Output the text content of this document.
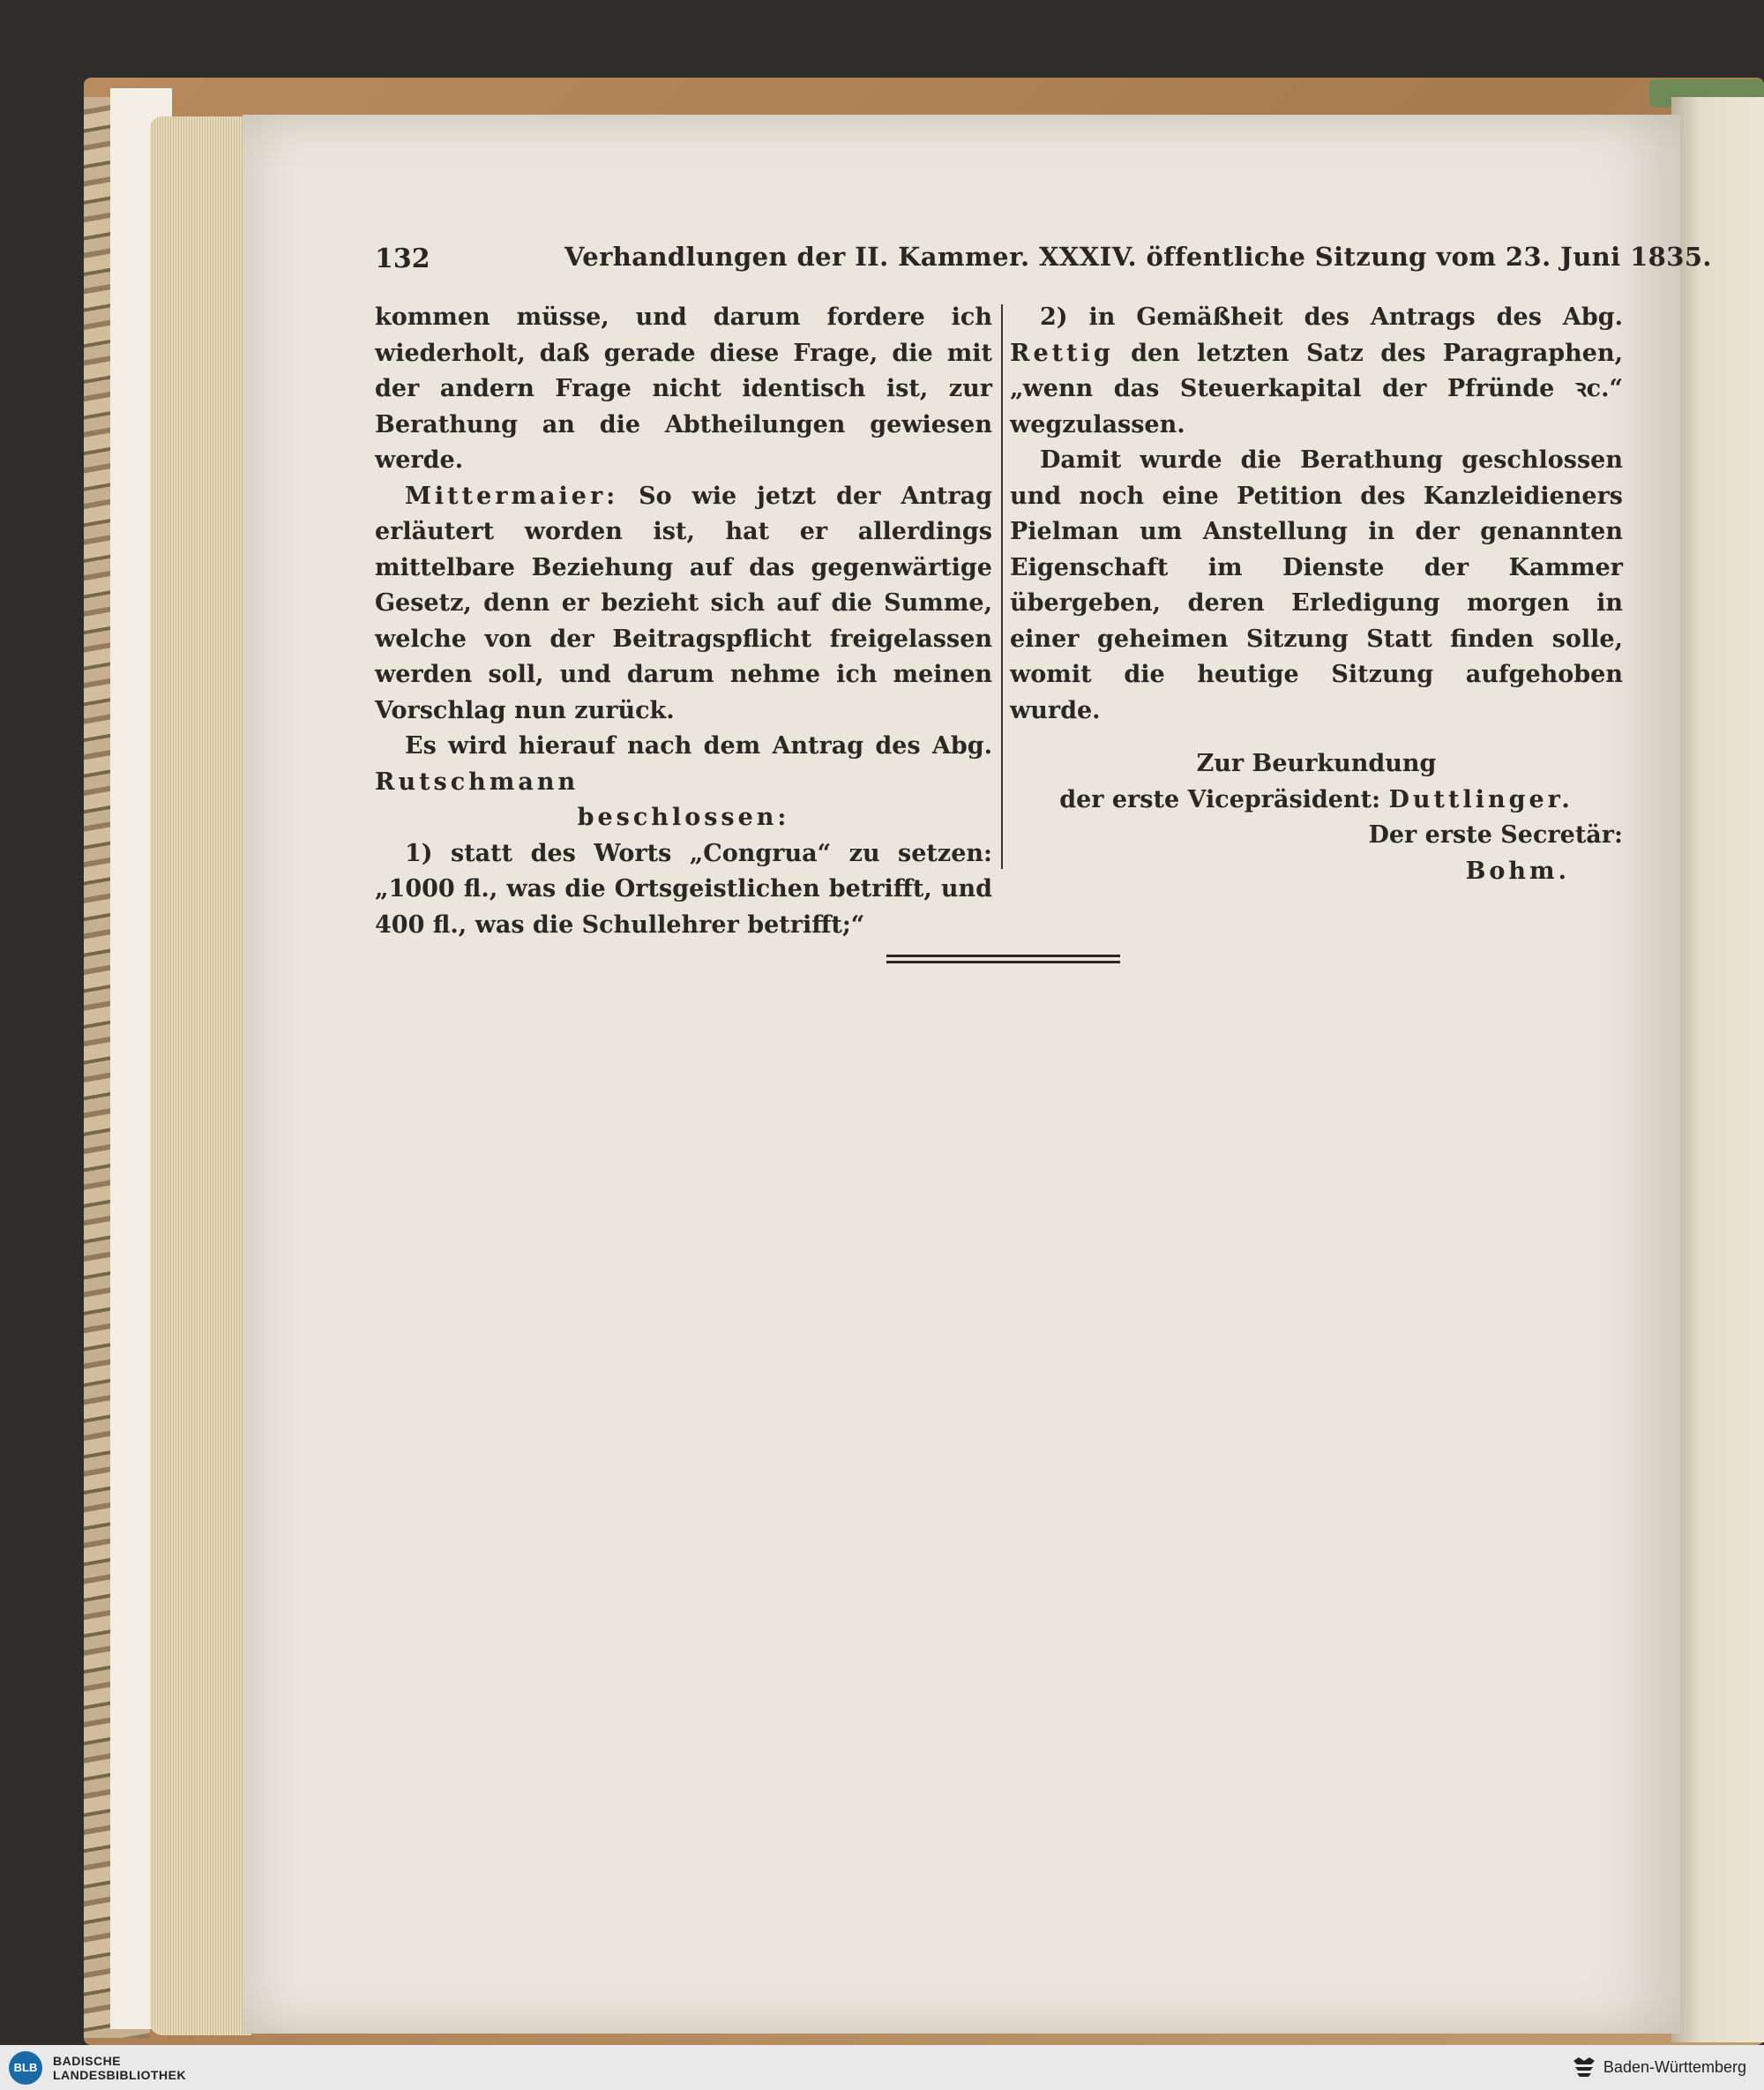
132	Verhandlungen der II. Kammer. XXXIV. öffentliche Sitzung vom 23. Juni 1835.

kommen müsse, und darum fordere ich wiederholt, daß gerade diese Frage, die mit der andern Frage nicht identisch ist, zur Berathung an die Abtheilungen gewiesen werde.

Mittermaier: So wie jetzt der Antrag erläutert worden ist, hat er allerdings mittelbare Beziehung auf das gegenwärtige Gesetz, denn er bezieht sich auf die Summe, welche von der Beitragspflicht freigelassen werden soll, und darum nehme ich meinen Vorschlag nun zurück.

Es wird hierauf nach dem Antrag des Abg. Rutschmann

beschlossen:

1) statt des Worts „Congrua“ zu setzen: „1000 fl., was die Ortsgeistlichen betrifft, und 400 fl., was die Schullehrer betrifft;“

2) in Gemäßheit des Antrags des Abg. Rettig den letzten Satz des Paragraphen, „wenn das Steuerkapital der Pfründe ꝛc.“ wegzulassen.

Damit wurde die Berathung geschlossen und noch eine Petition des Kanzleidieners Pielman um Anstellung in der genannten Eigenschaft im Dienste der Kammer übergeben, deren Erledigung morgen in einer geheimen Sitzung Statt finden solle, womit die heutige Sitzung aufgehoben wurde.

Zur Beurkundung

der erste Vicepräsident: Duttlinger.

Der erste Secretär:

Bohm.

BLB	BADISCHE
LANDESBIBLIOTHEK	Baden-Württemberg
